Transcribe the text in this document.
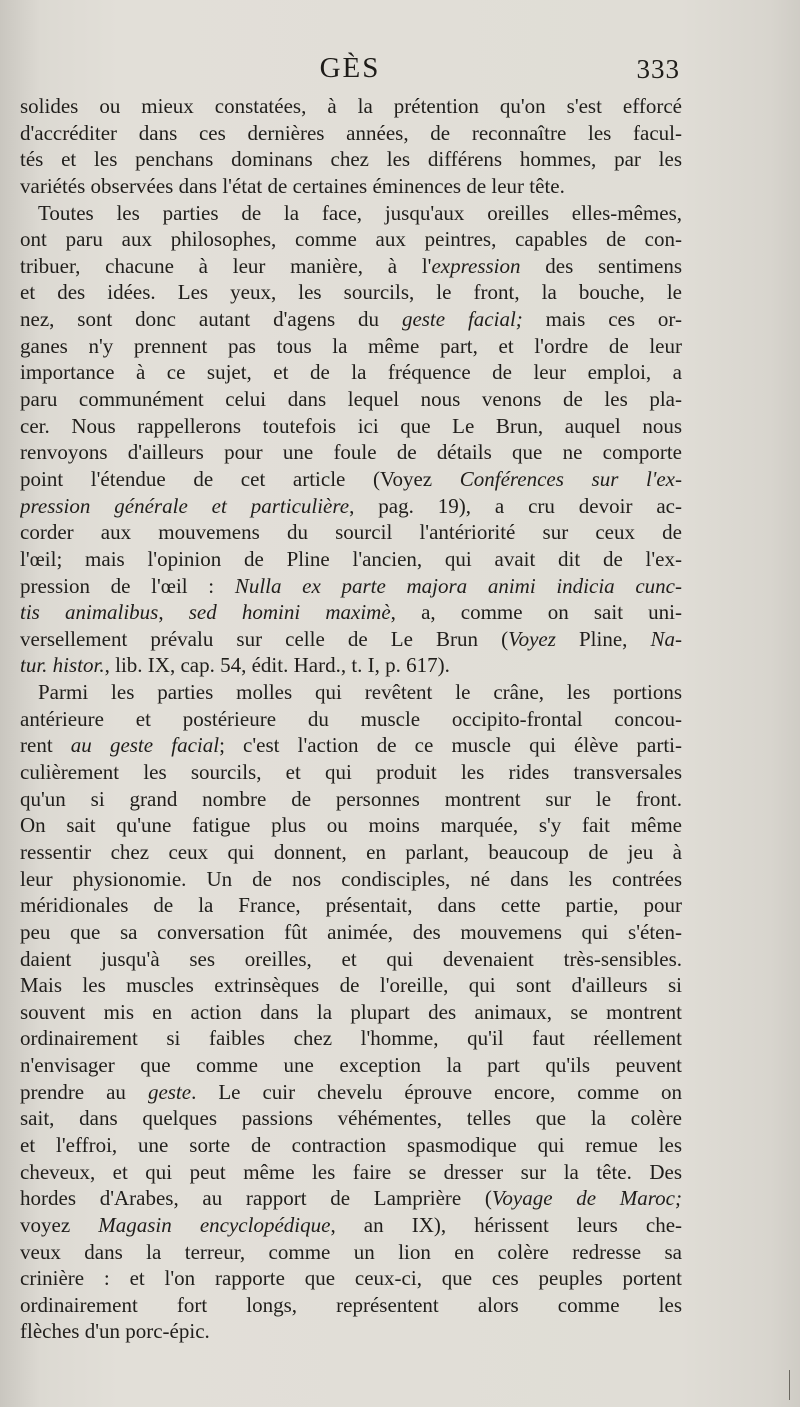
GÈS	333
solides ou mieux constatées, à la prétention qu'on s'est efforcé
d'accréditer dans ces dernières années, de reconnaître les facul-
tés et les penchans dominans chez les différens hommes, par les
variétés observées dans l'état de certaines éminences de leur tête.
Toutes les parties de la face, jusqu'aux oreilles elles-mêmes,
ont paru aux philosophes, comme aux peintres, capables de con-
tribuer, chacune à leur manière, à l'expression des sentimens
et des idées. Les yeux, les sourcils, le front, la bouche, le
nez, sont donc autant d'agens du geste facial; mais ces or-
ganes n'y prennent pas tous la même part, et l'ordre de leur
importance à ce sujet, et de la fréquence de leur emploi, a
paru communément celui dans lequel nous venons de les pla-
cer. Nous rappellerons toutefois ici que Le Brun, auquel nous
renvoyons d'ailleurs pour une foule de détails que ne comporte
point l'étendue de cet article (Voyez Conférences sur l'ex-
pression générale et particulière, pag. 19), a cru devoir ac-
corder aux mouvemens du sourcil l'antériorité sur ceux de
l'œil; mais l'opinion de Pline l'ancien, qui avait dit de l'ex-
pression de l'œil : Nulla ex parte majora animi indicia cunc-
tis animalibus, sed homini maximè, a, comme on sait uni-
versellement prévalu sur celle de Le Brun (Voyez Pline, Na-
tur. histor., lib. IX, cap. 54, édit. Hard., t. I, p. 617).
Parmi les parties molles qui revêtent le crâne, les portions
antérieure et postérieure du muscle occipito-frontal concou-
rent au geste facial; c'est l'action de ce muscle qui élève parti-
culièrement les sourcils, et qui produit les rides transversales
qu'un si grand nombre de personnes montrent sur le front.
On sait qu'une fatigue plus ou moins marquée, s'y fait même
ressentir chez ceux qui donnent, en parlant, beaucoup de jeu à
leur physionomie. Un de nos condisciples, né dans les contrées
méridionales de la France, présentait, dans cette partie, pour
peu que sa conversation fût animée, des mouvemens qui s'éten-
daient jusqu'à ses oreilles, et qui devenaient très-sensibles.
Mais les muscles extrinsèques de l'oreille, qui sont d'ailleurs si
souvent mis en action dans la plupart des animaux, se montrent
ordinairement si faibles chez l'homme, qu'il faut réellement
n'envisager que comme une exception la part qu'ils peuvent
prendre au geste. Le cuir chevelu éprouve encore, comme on
sait, dans quelques passions véhémentes, telles que la colère
et l'effroi, une sorte de contraction spasmodique qui remue les
cheveux, et qui peut même les faire se dresser sur la tête. Des
hordes d'Arabes, au rapport de Lamprière (Voyage de Maroc;
voyez Magasin encyclopédique, an IX), hérissent leurs che-
veux dans la terreur, comme un lion en colère redresse sa
crinière : et l'on rapporte que ceux-ci, que ces peuples portent
ordinairement fort longs, représentent alors comme les
flèches d'un porc-épic.
